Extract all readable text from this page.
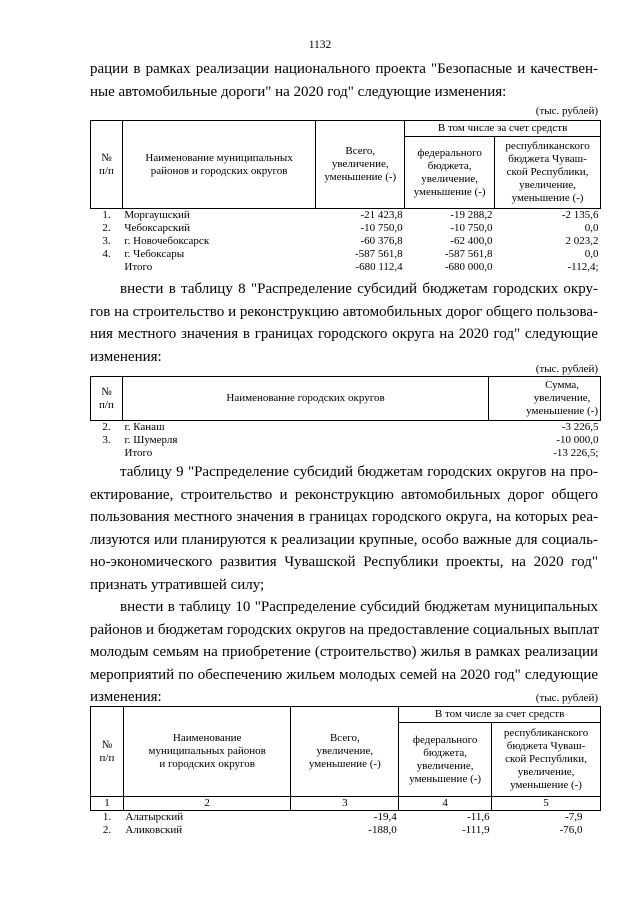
1132
рации в рамках реализации национального проекта "Безопасные и качествен-
ные автомобильные дороги" на 2020 год" следующие изменения:
(тыс. рублей)
№
п/п	Наименование муниципальных
районов и городских округов	Всего,
увеличение,
уменьшение (-)	В том числе за счет средств	
			федерального
бюджета,
увеличение,
уменьшение (-)	республиканского
бюджета Чуваш-
ской Республики,
увеличение,
уменьшение (-)
1.	Моргаушский	-21 423,8	-19 288,2	-2 135,6
2.	Чебоксарский	-10 750,0	-10 750,0	0,0
3.	г. Новочебоксарск	-60 376,8	-62 400,0	2 023,2
4.	г. Чебоксары	-587 561,8	-587 561,8	0,0
	Итого	-680 112,4	-680 000,0	-112,4;
внести в таблицу 8 "Распределение субсидий бюджетам городских окру-
гов на строительство и реконструкцию автомобильных дорог общего пользова-
ния местного значения в границах городского округа на 2020 год" следующие
изменения:
(тыс. рублей)
№
п/п	Наименование городских округов	Сумма,
увеличение,
уменьшение (-)
2.	г. Канаш	-3 226,5
3.	г. Шумерля	-10 000,0
	Итого	-13 226,5;
таблицу 9 "Распределение субсидий бюджетам городских округов на про-
ектирование, строительство и реконструкцию автомобильных дорог общего
пользования местного значения в границах городского округа, на которых реа-
лизуются или планируются к реализации крупные, особо важные для социаль-
но-экономического развития Чувашской Республики проекты, на 2020 год"
признать утратившей силу;
внести в таблицу 10 "Распределение субсидий бюджетам муниципальных
районов и бюджетам городских округов на предоставление социальных выплат
молодым семьям на приобретение (строительство) жилья в рамках реализации
мероприятий по обеспечению жильем молодых семей на 2020 год" следующие
изменения:	(тыс. рублей)
№
п/п	Наименование
муниципальных районов
и городских округов	Всего,
увеличение,
уменьшение (-)	В том числе за счет средств	
			федерального
бюджета,
увеличение,
уменьшение (-)	республиканского
бюджета Чуваш-
ской Республики,
увеличение,
уменьшение (-)
1	2	3	4	5
1.	Алатырский	-19,4	-11,6	-7,9
2.	Аликовский	-188,0	-111,9	-76,0
